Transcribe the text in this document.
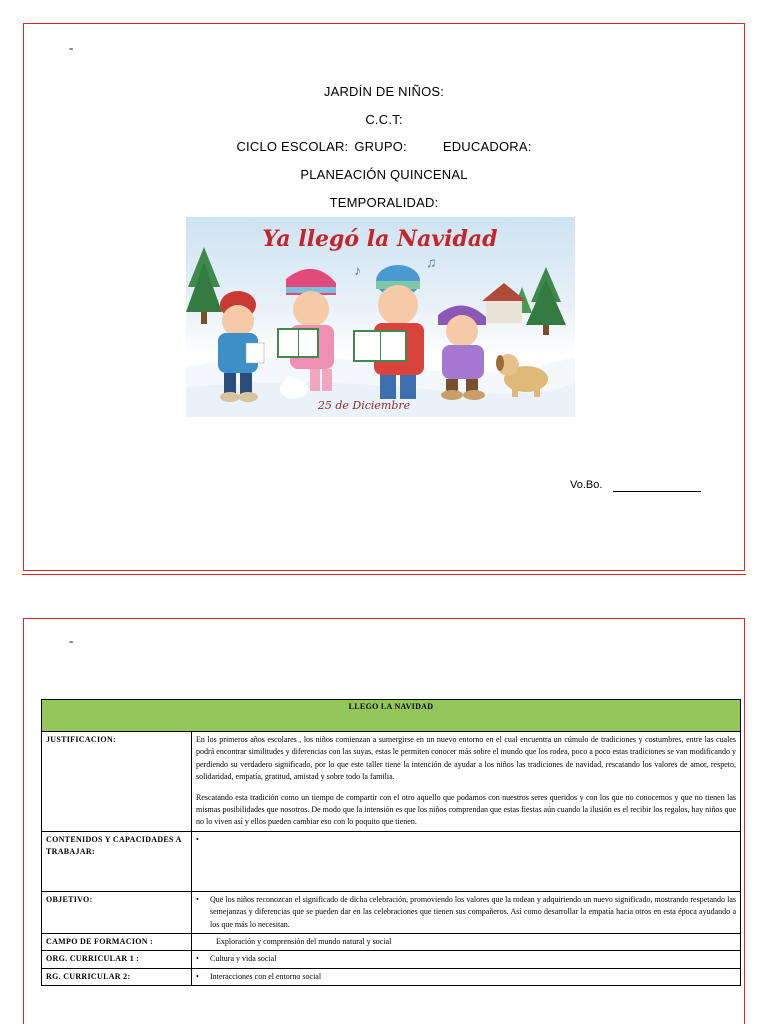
-
JARDÍN DE NIÑOS:
C.C.T:
CICLO ESCOLAR: GRUPO:	EDUCADORA:
PLANEACIÓN QUINCENAL
TEMPORALIDAD:
Ya llegó la Navidad
♪
♫
25 de Diciembre
Vo.Bo.
-
LLEGO LA NAVIDAD	
JUSTIFICACION:	En los primeros años escolares , los niños comienzan a sumergirse en un nuevo entorno en el cual encuentra un cúmulo de tradiciones y costumbres, entre las cuales podrá encontrar similitudes y diferencias con las suyas, estas le permiten conocer más sobre el mundo que los rodea, poco a poco estas tradiciones se van modificando y perdiendo su verdadero significado, por lo que este taller tiene la intención de ayudar a los niños las tradiciones de navidad, rescatando los valores de amor, respeto, solidaridad, empatía, gratitud, amistad y sobre todo la familia.

Rescatando esta tradición como un tiempo de compartir con el otro aquello que podamos con nuestros seres queridos y con los que no conocemos y que no tienen las mismas posibilidades que nosotros. De modo que la intensión es que los niños comprendan que estas fiestas aún cuando la ilusión es el recibir los regalos, hay niños que no lo viven así y ellos pueden cambiar eso con lo poquito que tienen.

CONTENIDOS Y CAPACIDADES A TRABAJAR:	•

OBJETIVO:	• Que los niños reconozcan el significado de dicha celebración, promoviendo los valores que la rodean y adquiriendo un nuevo significado, mostrando respetando las semejanzas y diferencias que se pueden dar en las celebraciones que tienen sus compañeros. Así como desarrollar la empatía hacia otros en esta época ayudando a los que más lo necesitan.

CAMPO DE FORMACION :	Exploración y comprensión del mundo natural y social
ORG. CURRICULAR 1 :	• Cultura y vida social

RG. CURRICULAR 2:	• Interacciones con el entorno social
